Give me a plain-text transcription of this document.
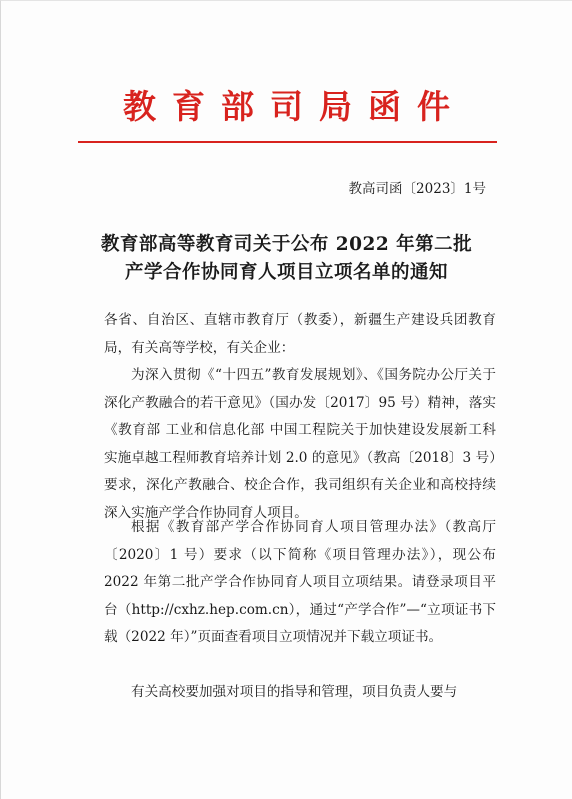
教育部司局函件
教高司函〔2023〕1号
教育部高等教育司关于公布 2022 年第二批
产学合作协同育人项目立项名单的通知

各省、自治区、直辖市教育厅（教委），新疆生产建设兵团教育局，有关高等学校，有关企业：

为深入贯彻《“十四五”教育发展规划》、《国务院办公厅关于深化产教融合的若干意见》（国办发〔2017〕95 号）精神，落实《教育部 工业和信息化部 中国工程院关于加快建设发展新工科 实施卓越工程师教育培养计划 2.0 的意见》（教高〔2018〕3 号）要求，深化产教融合、校企合作，我司组织有关企业和高校持续深入实施产学合作协同育人项目。

根据《教育部产学合作协同育人项目管理办法》（教高厅〔2020〕1 号）要求（以下简称《项目管理办法》），现公布 2022 年第二批产学合作协同育人项目立项结果。请登录项目平台（http://cxhz.hep.com.cn），通过“产学合作”—“立项证书下载（2022 年）”页面查看项目立项情况并下载立项证书。

有关高校要加强对项目的指导和管理，项目负责人要与
